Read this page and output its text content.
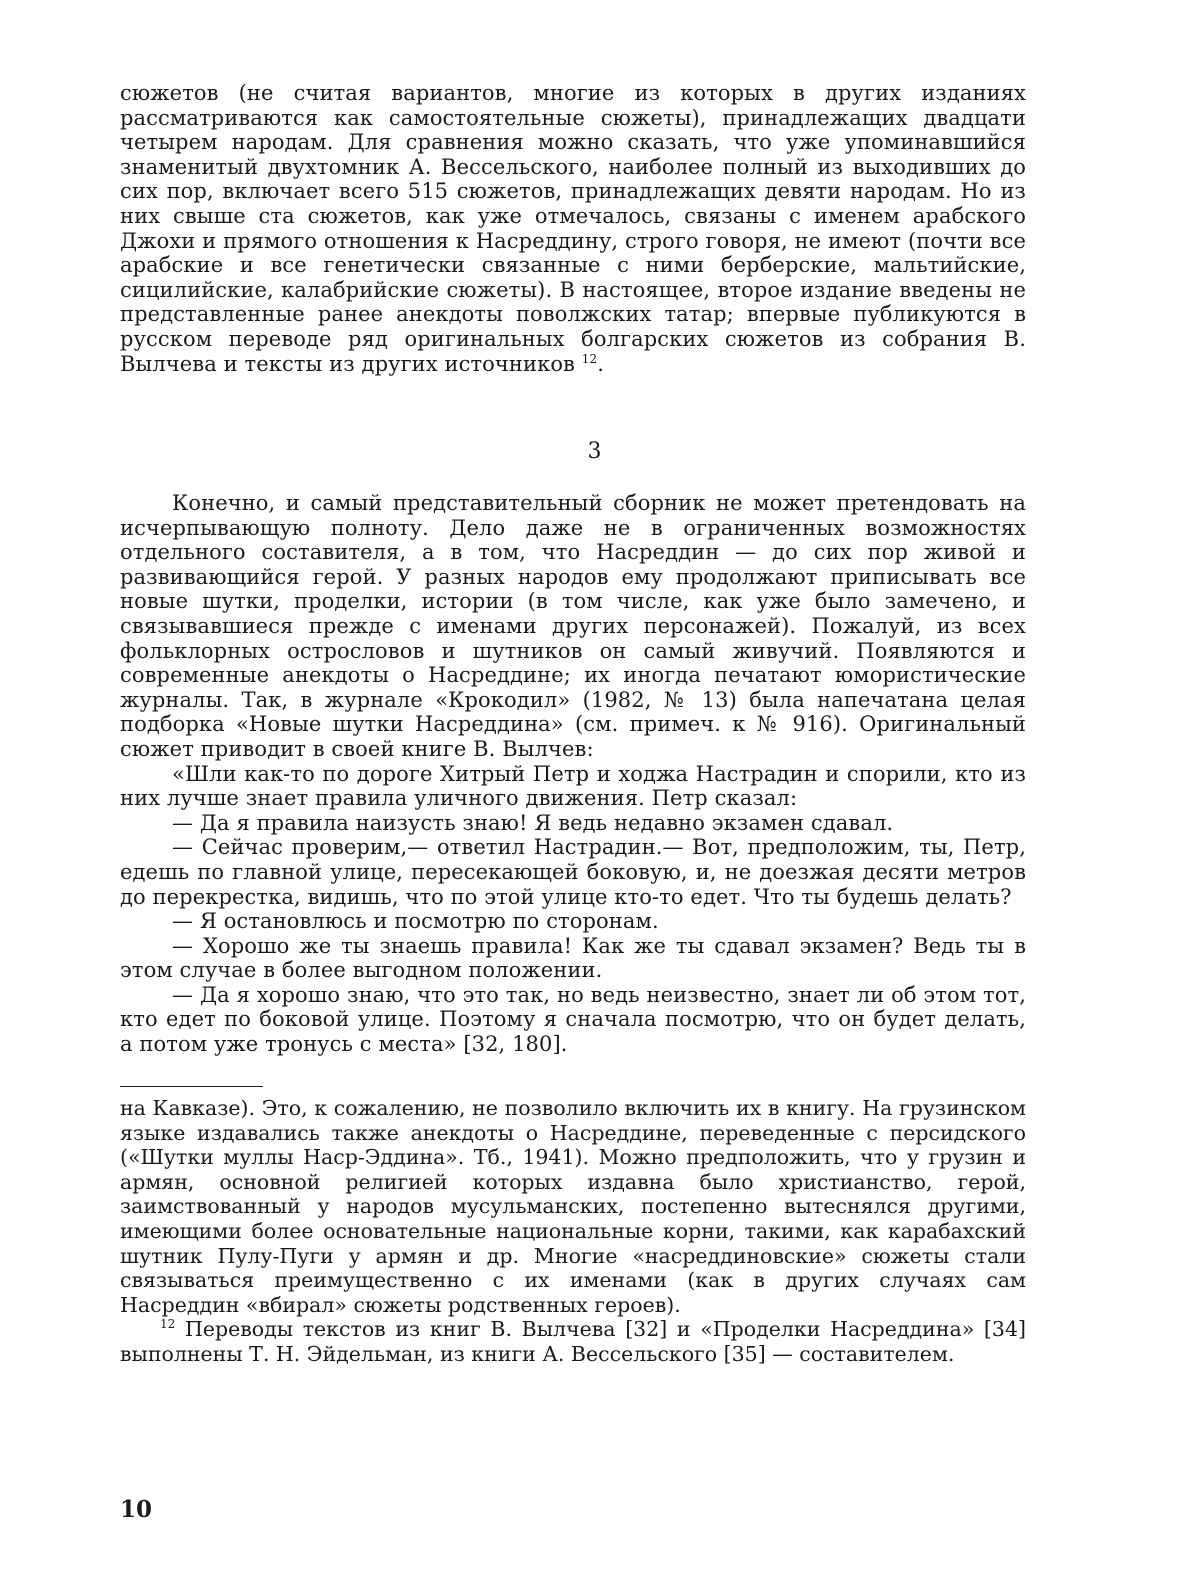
сюжетов (не считая вариантов, многие из которых в других изданиях рассматриваются как самостоятельные сюжеты), принадлежащих двадцати четырем народам. Для сравнения можно сказать, что уже упоминавшийся знаменитый двухтомник А. Вессельского, наиболее полный из выходивших до сих пор, включает всего 515 сюжетов, принадлежащих девяти народам. Но из них свыше ста сюжетов, как уже отмечалось, связаны с именем арабского Джохи и прямого отношения к Насреддину, строго говоря, не имеют (почти все арабские и все генетически связанные с ними берберские, мальтийские, сицилийские, калабрийские сюжеты). В настоящее, второе издание введены не представленные ранее анекдоты поволжских татар; впервые публикуются в русском переводе ряд оригинальных болгарских сюжетов из собрания В. Вылчева и тексты из других источников $^{12}$.

3

Конечно, и самый представительный сборник не может претендовать на исчерпывающую полноту. Дело даже не в ограниченных возможностях отдельного составителя, а в том, что Насреддин — до сих пор живой и развивающийся герой. У разных народов ему продолжают приписывать все новые шутки, проделки, истории (в том числе, как уже было замечено, и связывавшиеся прежде с именами других персонажей). Пожалуй, из всех фольклорных острословов и шутников он самый живучий. Появляются и современные анекдоты о Насреддине; их иногда печатают юмористические журналы. Так, в журнале «Крокодил» (1982, № 13) была напечатана целая подборка «Новые шутки Насреддина» (см. примеч. к № 916). Оригинальный сюжет приводит в своей книге В. Вылчев:

«Шли как-то по дороге Хитрый Петр и ходжа Настрадин и спорили, кто из них лучше знает правила уличного движения. Петр сказал:

— Да я правила наизусть знаю! Я ведь недавно экзамен сдавал.

— Сейчас проверим,— ответил Настрадин.— Вот, предположим, ты, Петр, едешь по главной улице, пересекающей боковую, и, не доезжая десяти метров до перекрестка, видишь, что по этой улице кто-то едет. Что ты будешь делать?

— Я остановлюсь и посмотрю по сторонам.

— Хорошо же ты знаешь правила! Как же ты сдавал экзамен? Ведь ты в этом случае в более выгодном положении.

— Да я хорошо знаю, что это так, но ведь неизвестно, знает ли об этом тот, кто едет по боковой улице. Поэтому я сначала посмотрю, что он будет делать, а потом уже тронусь с места» [32, 180].

на Кавказе). Это, к сожалению, не позволило включить их в книгу. На грузинском языке издавались также анекдоты о Насреддине, переведенные с персидского («Шутки муллы Наср-Эддина». Тб., 1941). Можно предположить, что у грузин и армян, основной религией которых издавна было христианство, герой, заимствованный у народов мусульманских, постепенно вытеснялся другими, имеющими более основательные национальные корни, такими, как карабахский шутник Пулу-Пуги у армян и др. Многие «насреддиновские» сюжеты стали связываться преимущественно с их именами (как в других случаях сам Насреддин «вбирал» сюжеты родственных героев).

$^{12}$ Переводы текстов из книг В. Вылчева [32] и «Проделки Насреддина» [34] выполнены Т. Н. Эйдельман, из книги А. Вессельского [35] — составителем.

10
